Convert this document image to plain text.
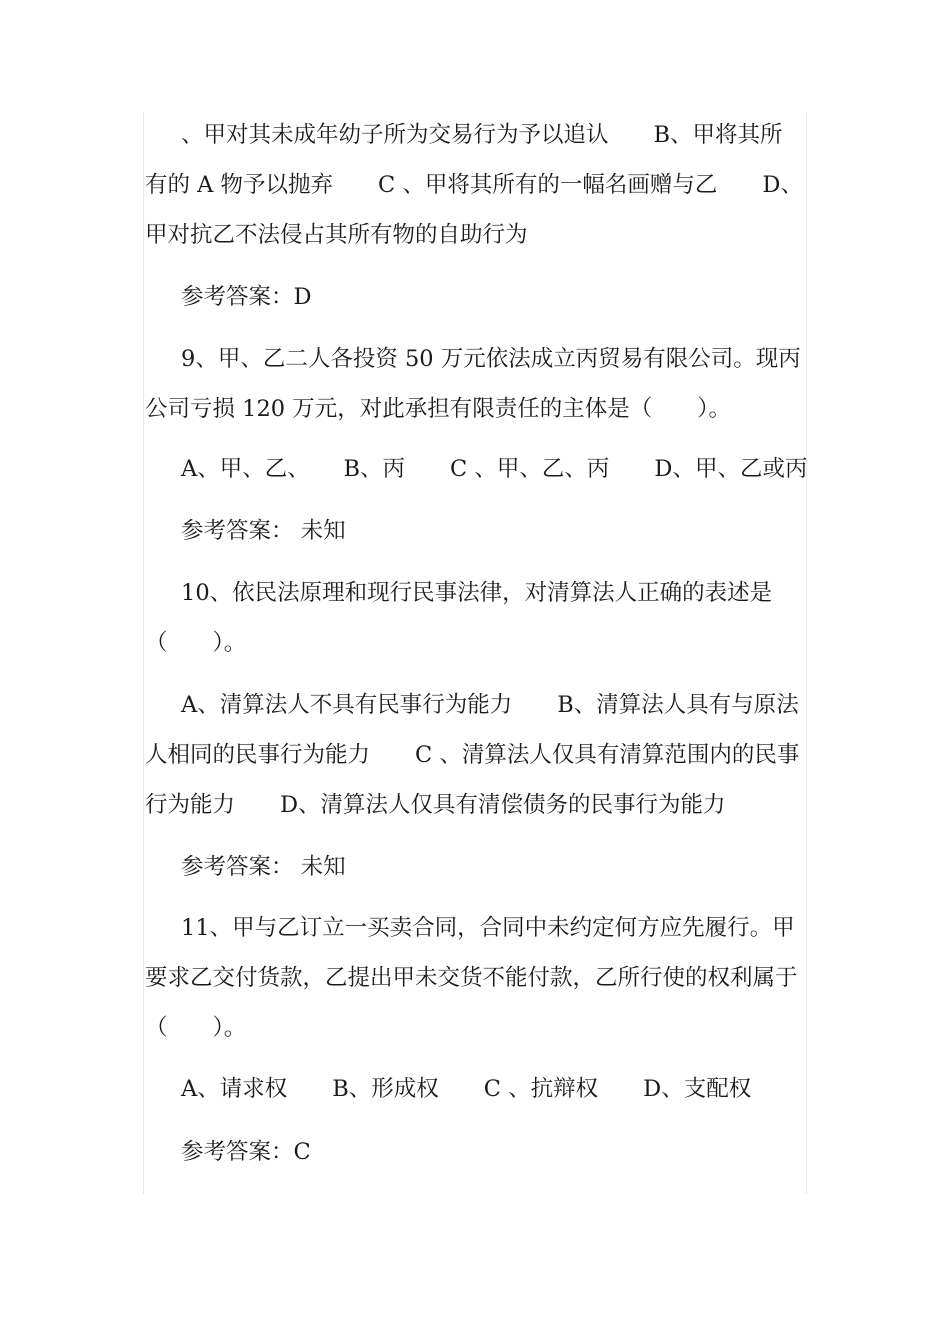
、甲对其未成年幼子所为交易行为予以追认　　B、甲将其所
有的 A 物予以抛弃　　C 、甲将其所有的一幅名画赠与乙　　D、
甲对抗乙不法侵占其所有物的自助行为
参考答案：D
9、甲、乙二人各投资 50 万元依法成立丙贸易有限公司。现丙
公司亏损 120 万元，对此承担有限责任的主体是（　　）。
A、甲、乙、　　B、丙　　C 、甲、乙、丙　　D、甲、乙或丙
参考答案： 未知
10、依民法原理和现行民事法律，对清算法人正确的表述是
（　　）。
A、清算法人不具有民事行为能力　　B、清算法人具有与原法
人相同的民事行为能力　　C 、清算法人仅具有清算范围内的民事
行为能力　　D、清算法人仅具有清偿债务的民事行为能力
参考答案： 未知
11、甲与乙订立一买卖合同，合同中未约定何方应先履行。甲
要求乙交付货款，乙提出甲未交货不能付款，乙所行使的权利属于
（　　）。
A、请求权　　B、形成权　　C 、抗辩权　　D、支配权
参考答案：C
